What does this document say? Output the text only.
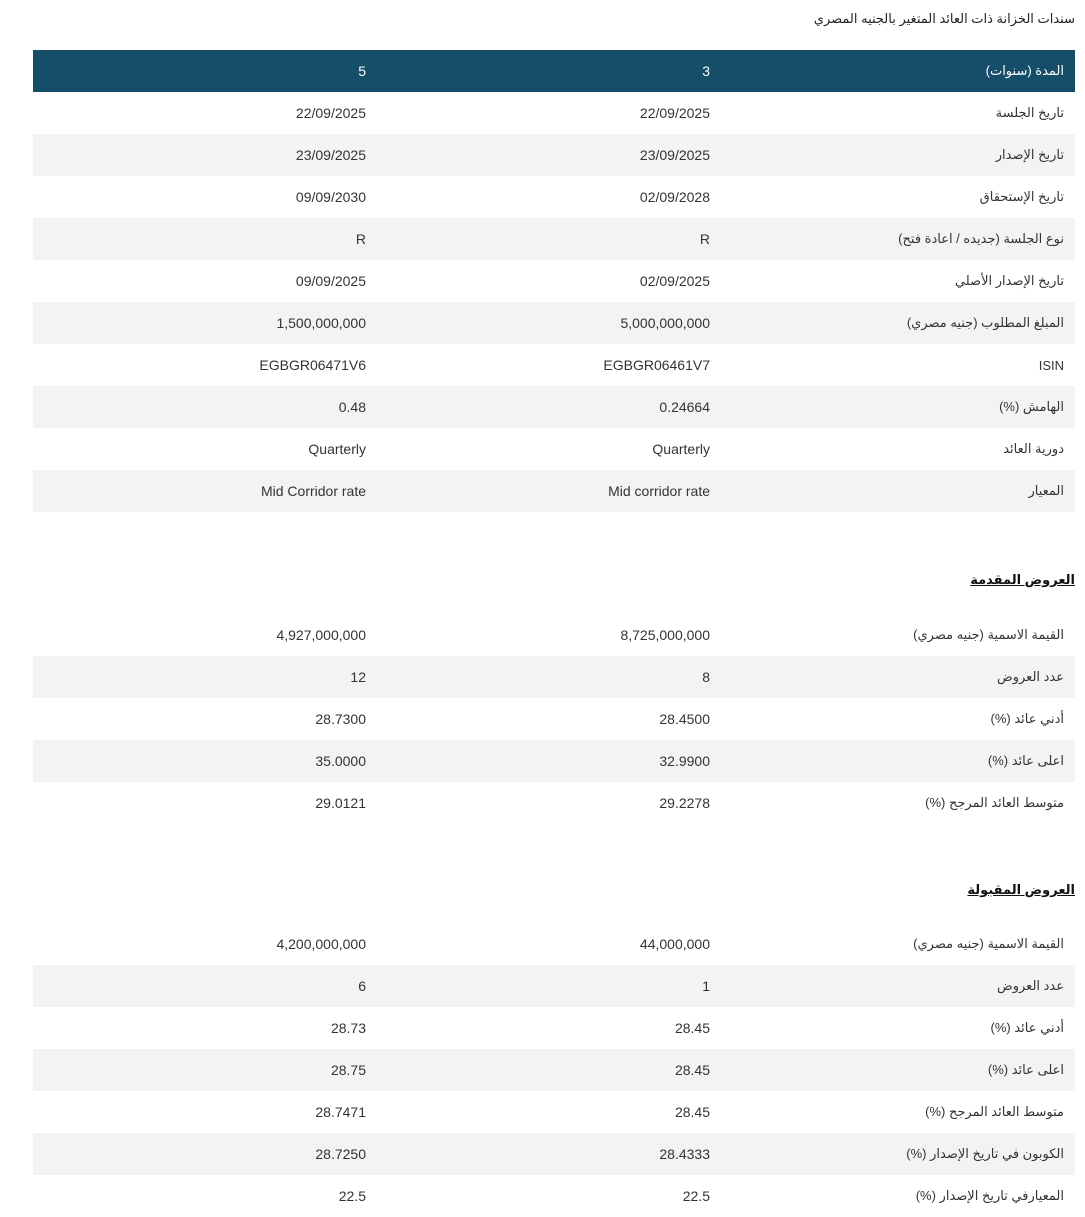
سندات الخزانة ذات العائد المتغير بالجنيه المصري
5	3	المدة (سنوات)
22/09/2025	22/09/2025	تاريخ الجلسة
23/09/2025	23/09/2025	تاريخ الإصدار
09/09/2030	02/09/2028	تاريخ الإستحقاق
R	R	نوع الجلسة (جديده / اعادة فتح)
09/09/2025	02/09/2025	تاريخ الإصدار الأصلي
1,500,000,000	5,000,000,000	المبلغ المطلوب (جنيه مصري)
EGBGR06471V6	EGBGR06461V7	ISIN
0.48	0.24664	الهامش (%)
Quarterly	Quarterly	دورية العائد
Mid Corridor rate	Mid corridor rate	المعيار
العروض المقدمة
4,927,000,000	8,725,000,000	القيمة الاسمية (جنيه مصري)
12	8	عدد العروض
28.7300	28.4500	أدني عائد (%)
35.0000	32.9900	اعلى عائد (%)
29.0121	29.2278	متوسط العائد المرجح (%)
العروض المقبولة
4,200,000,000	44,000,000	القيمة الاسمية (جنيه مصري)
6	1	عدد العروض
28.73	28.45	أدني عائد (%)
28.75	28.45	اعلى عائد (%)
28.7471	28.45	متوسط العائد المرجح (%)
28.7250	28.4333	الكوبون في تاريخ الإصدار (%)
22.5	22.5	المعيارفي تاريخ الإصدار (%)
